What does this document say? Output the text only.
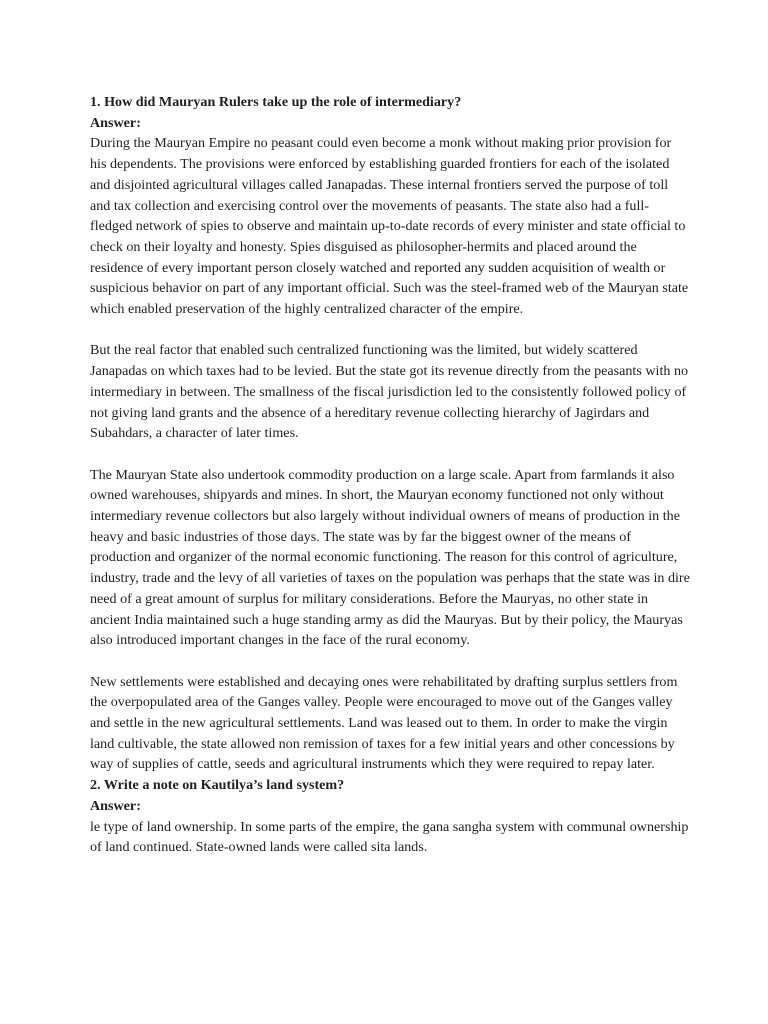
1. How did Mauryan Rulers take up the role of intermediary?

Answer:

During the Mauryan Empire no peasant could even become a monk without making prior provision for his dependents. The provisions were enforced by establishing guarded frontiers for each of the isolated and disjointed agricultural villages called Janapadas. These internal frontiers served the purpose of toll and tax collection and exercising control over the movements of peasants. The state also had a full-fledged network of spies to observe and maintain up-to-date records of every minister and state official to check on their loyalty and honesty. Spies disguised as philosopher-hermits and placed around the residence of every important person closely watched and reported any sudden acquisition of wealth or suspicious behavior on part of any important official. Such was the steel-framed web of the Mauryan state which enabled preservation of the highly centralized character of the empire.

But the real factor that enabled such centralized functioning was the limited, but widely scattered Janapadas on which taxes had to be levied. But the state got its revenue directly from the peasants with no intermediary in between. The smallness of the fiscal jurisdiction led to the consistently followed policy of not giving land grants and the absence of a hereditary revenue collecting hierarchy of Jagirdars and Subahdars, a character of later times.

The Mauryan State also undertook commodity production on a large scale. Apart from farmlands it also owned warehouses, shipyards and mines. In short, the Mauryan economy functioned not only without intermediary revenue collectors but also largely without individual owners of means of production in the heavy and basic industries of those days. The state was by far the biggest owner of the means of production and organizer of the normal economic functioning. The reason for this control of agriculture, industry, trade and the levy of all varieties of taxes on the population was perhaps that the state was in dire need of a great amount of surplus for military considerations. Before the Mauryas, no other state in ancient India maintained such a huge standing army as did the Mauryas. But by their policy, the Mauryas also introduced important changes in the face of the rural economy.

New settlements were established and decaying ones were rehabilitated by drafting surplus settlers from the overpopulated area of the Ganges valley. People were encouraged to move out of the Ganges valley and settle in the new agricultural settlements. Land was leased out to them. In order to make the virgin land cultivable, the state allowed non remission of taxes for a few initial years and other concessions by way of supplies of cattle, seeds and agricultural instruments which they were required to repay later.

2. Write a note on Kautilya’s land system?

Answer:

le type of land ownership. In some parts of the empire, the gana sangha system with communal ownership of land continued. State-owned lands were called sita lands.
